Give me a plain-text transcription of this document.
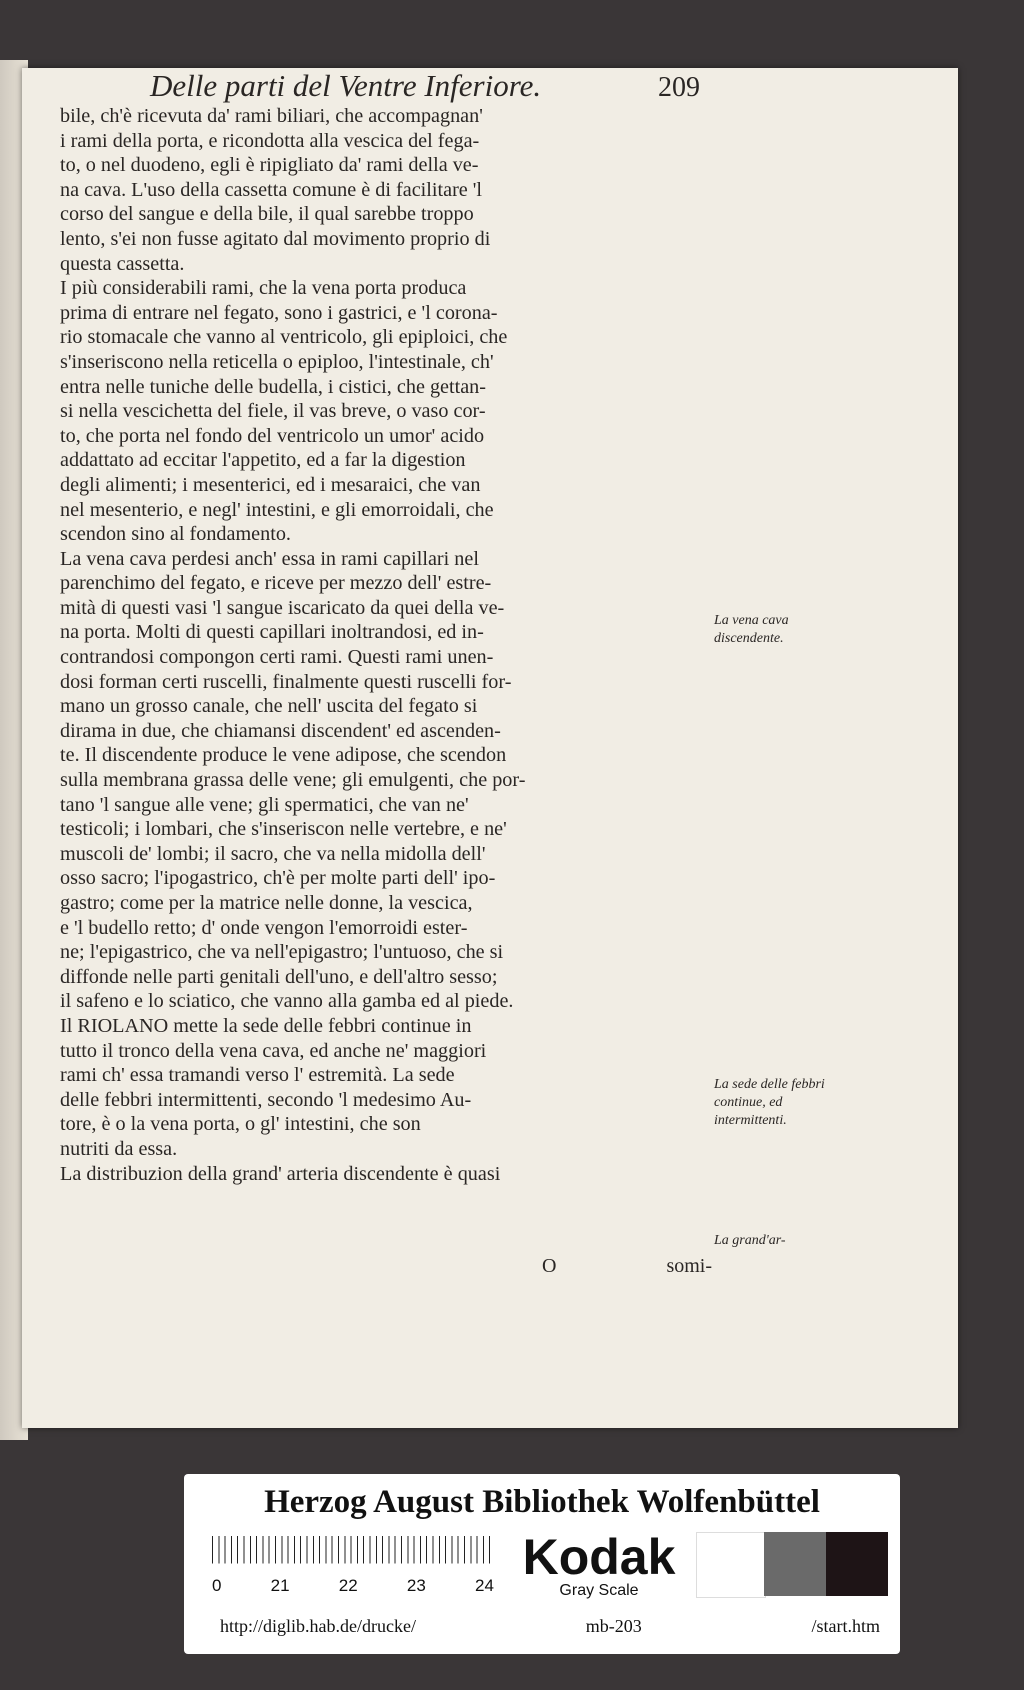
Delle parti del Ventre Inferiore.	209
bile, ch'è ricevuta da' rami biliari, che accompagnan'
i rami della porta, e ricondotta alla vescica del fega-
to, o nel duodeno, egli è ripigliato da' rami della ve-
na cava. L'uso della cassetta comune è di facilitare 'l
corso del sangue e della bile, il qual sarebbe troppo
lento, s'ei non fusse agitato dal movimento proprio di
questa cassetta.
I più considerabili rami, che la vena porta produca
prima di entrare nel fegato, sono i gastrici, e 'l corona-
rio stomacale che vanno al ventricolo, gli epiploici, che
s'inseriscono nella reticella o epiploo, l'intestinale, ch'
entra nelle tuniche delle budella, i cistici, che gettan-
si nella vescichetta del fiele, il vas breve, o vaso cor-
to, che porta nel fondo del ventricolo un umor' acido
addattato ad eccitar l'appetito, ed a far la digestion
degli alimenti; i mesenterici, ed i mesaraici, che van
nel mesenterio, e negl' intestini, e gli emorroidali, che
scendon sino al fondamento.
La vena cava perdesi anch' essa in rami capillari nel
parenchimo del fegato, e riceve per mezzo dell' estre-
mità di questi vasi 'l sangue iscaricato da quei della ve-
na porta. Molti di questi capillari inoltrandosi, ed in-
contrandosi compongon certi rami. Questi rami unen-
dosi forman certi ruscelli, finalmente questi ruscelli for-
mano un grosso canale, che nell' uscita del fegato si
dirama in due, che chiamansi discendent' ed ascenden-
te. Il discendente produce le vene adipose, che scendon
sulla membrana grassa delle vene; gli emulgenti, che por-
tano 'l sangue alle vene; gli spermatici, che van ne'
testicoli; i lombari, che s'inseriscon nelle vertebre, e ne'
muscoli de' lombi; il sacro, che va nella midolla dell'
osso sacro; l'ipogastrico, ch'è per molte parti dell' ipo-
gastro; come per la matrice nelle donne, la vescica,
e 'l budello retto; d' onde vengon l'emorroidi ester-
ne; l'epigastrico, che va nell'epigastro; l'untuoso, che si
diffonde nelle parti genitali dell'uno, e dell'altro sesso;
il safeno e lo sciatico, che vanno alla gamba ed al piede.
Il RIOLANO mette la sede delle febbri continue in
tutto il tronco della vena cava, ed anche ne' maggiori
rami ch' essa tramandi verso l' estremità. La sede
delle febbri intermittenti, secondo 'l medesimo Au-
tore, è o la vena porta, o gl' intestini, che son
nutriti da essa.
La distribuzion della grand' arteria discendente è quasi
O	somi-
La vena cava discendente.
La sede delle febbri continue, ed intermittenti.
La grand'ar-
Herzog August Bibliothek Wolfenbüttel
0	21	22	23	24
Kodak
Gray Scale
http://diglib.hab.de/drucke/	mb-203	/start.htm
